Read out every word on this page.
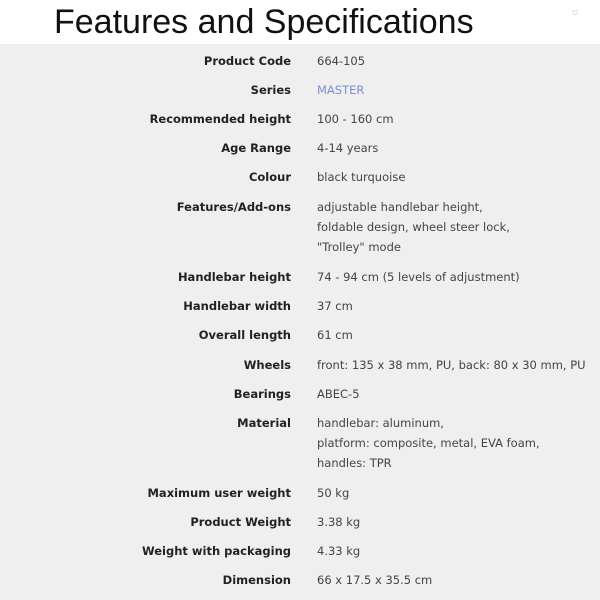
Features and Specifications	◻
Product Code 664-105
Series MASTER
Recommended height 100 - 160 cm
Age Range 4-14 years
Colour black turquoise
Features/Add-ons adjustable handlebar height,
foldable design, wheel steer lock,
"Trolley" mode
Handlebar height 74 - 94 cm (5 levels of adjustment)
Handlebar width 37 cm
Overall length 61 cm
Wheels front: 135 x 38 mm, PU, back: 80 x 30 mm, PU
Bearings ABEC-5
Material handlebar: aluminum,
platform: composite, metal, EVA foam,
handles: TPR
Maximum user weight 50 kg
Product Weight 3.38 kg
Weight with packaging 4.33 kg
Dimension 66 x 17.5 x 35.5 cm
